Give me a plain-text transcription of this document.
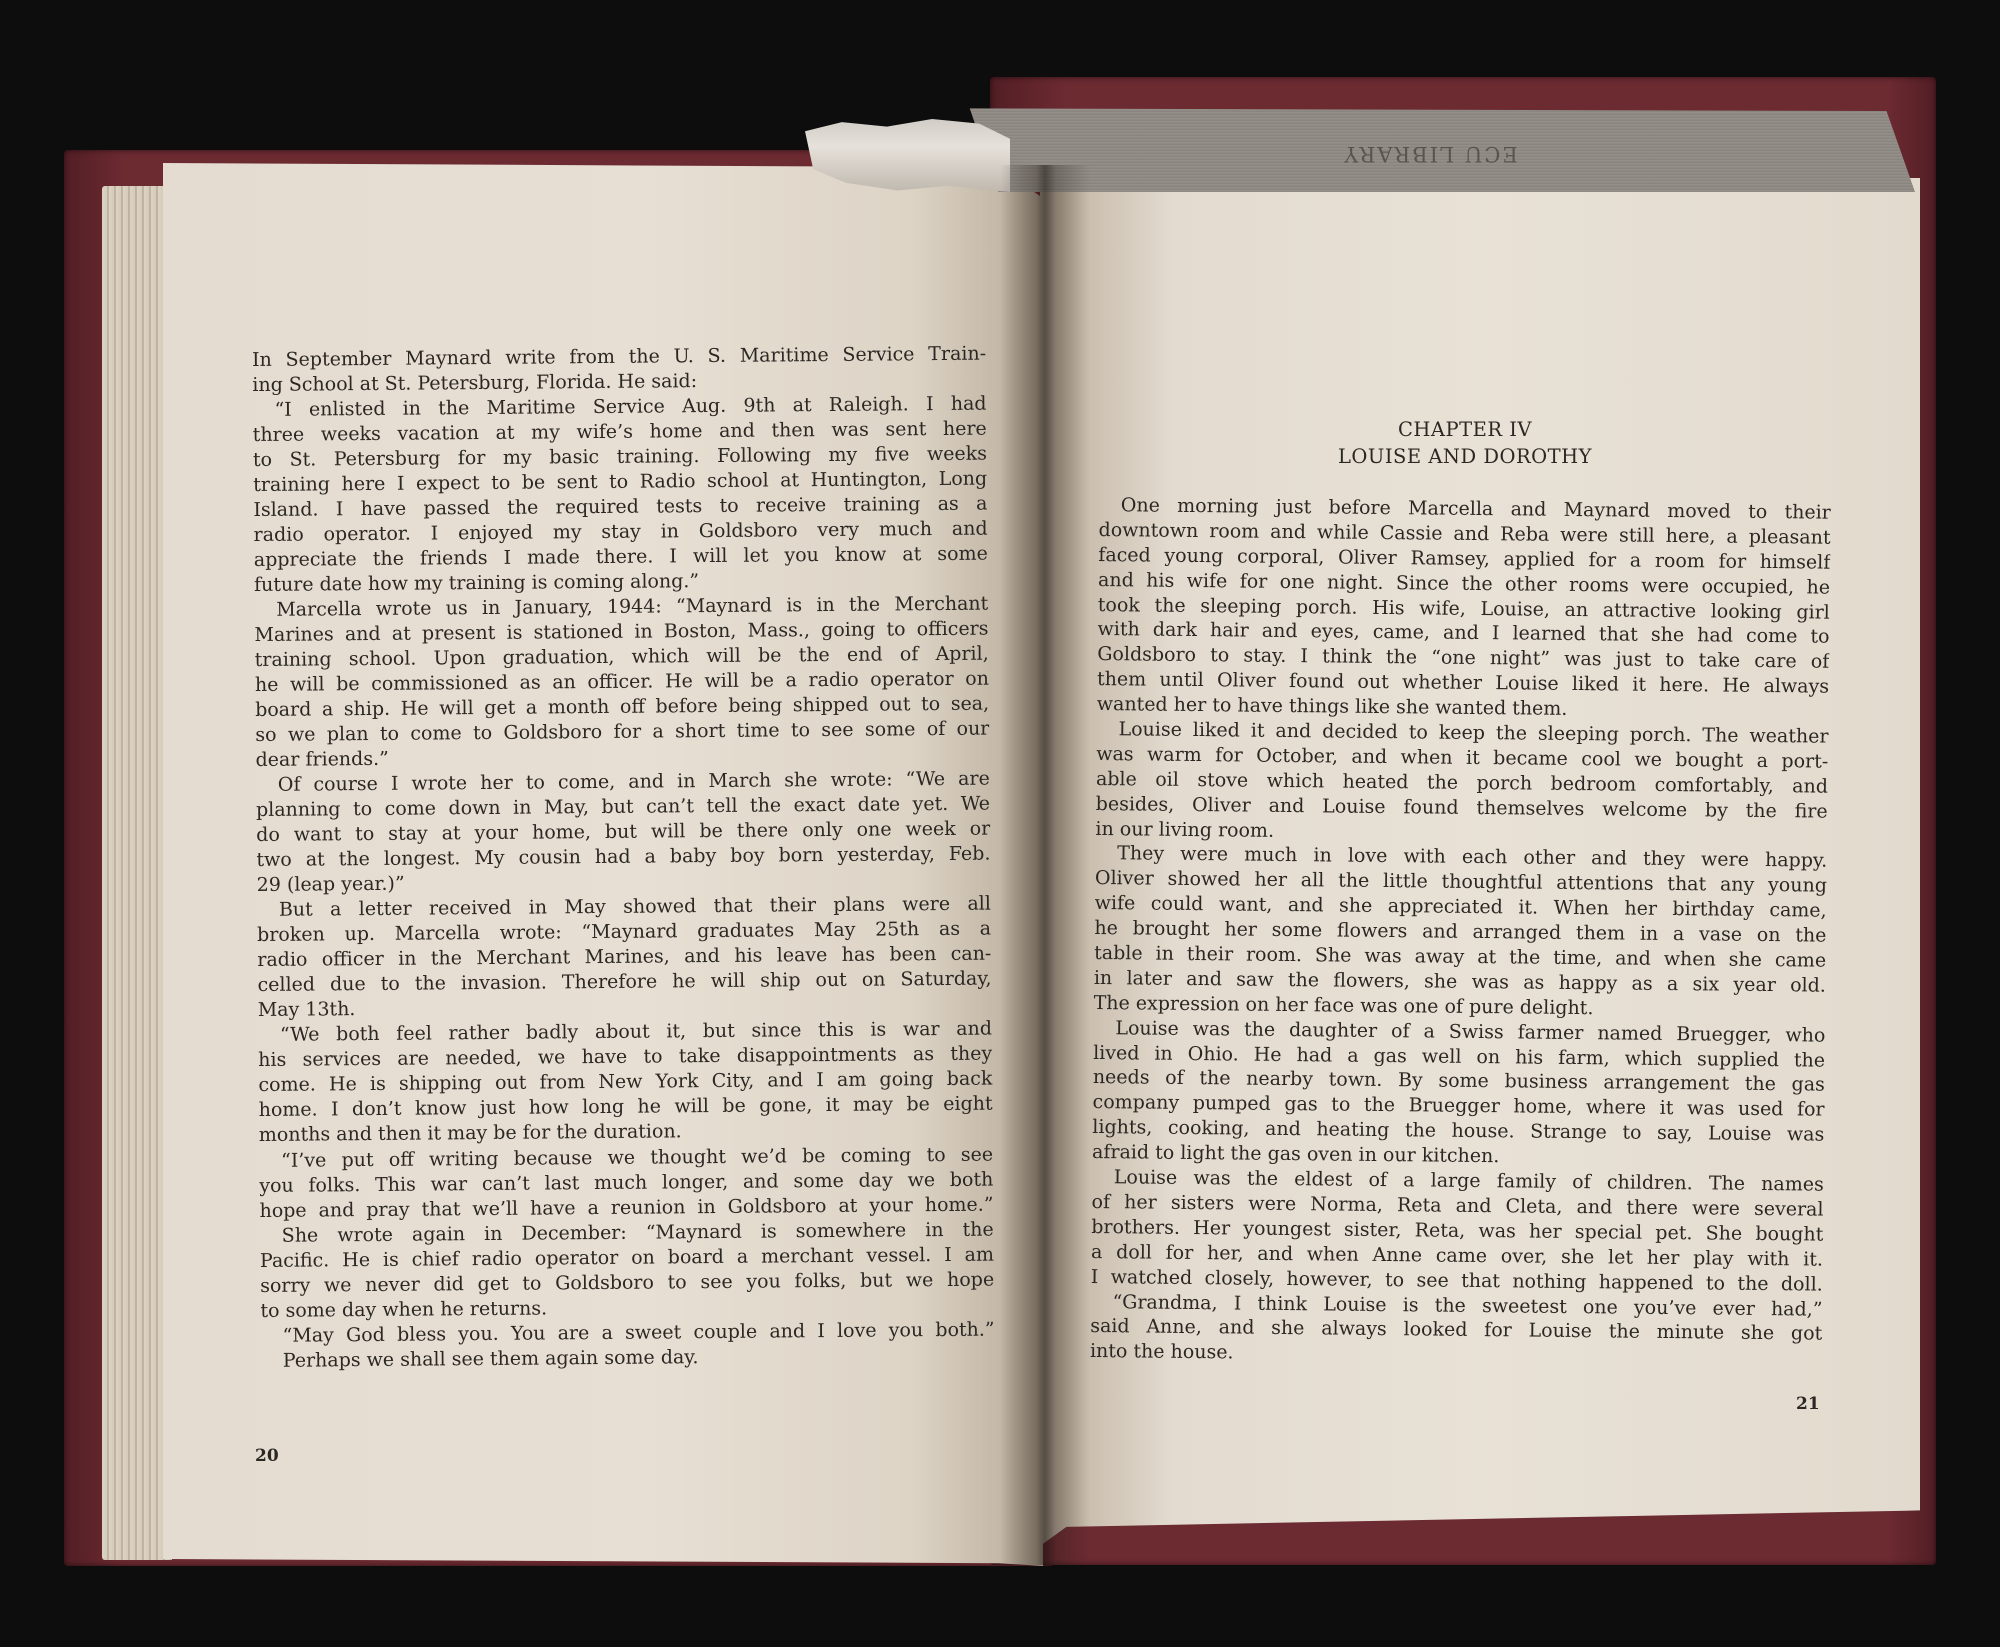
ECU LIBRARY
In September Maynard write from the U. S. Maritime Service Train-
ing School at St. Petersburg, Florida. He said:
“I enlisted in the Maritime Service Aug. 9th at Raleigh. I had
three weeks vacation at my wife’s home and then was sent here
to St. Petersburg for my basic training. Following my five weeks
training here I expect to be sent to Radio school at Huntington, Long
Island. I have passed the required tests to receive training as a
radio operator. I enjoyed my stay in Goldsboro very much and
appreciate the friends I made there. I will let you know at some
future date how my training is coming along.”
Marcella wrote us in January, 1944: “Maynard is in the Merchant
Marines and at present is stationed in Boston, Mass., going to officers
training school. Upon graduation, which will be the end of April,
he will be commissioned as an officer. He will be a radio operator on
board a ship. He will get a month off before being shipped out to sea,
so we plan to come to Goldsboro for a short time to see some of our
dear friends.”
Of course I wrote her to come, and in March she wrote: “We are
planning to come down in May, but can’t tell the exact date yet. We
do want to stay at your home, but will be there only one week or
two at the longest. My cousin had a baby boy born yesterday, Feb.
29 (leap year.)”
But a letter received in May showed that their plans were all
broken up. Marcella wrote: “Maynard graduates May 25th as a
radio officer in the Merchant Marines, and his leave has been can-
celled due to the invasion. Therefore he will ship out on Saturday,
May 13th.
“We both feel rather badly about it, but since this is war and
his services are needed, we have to take disappointments as they
come. He is shipping out from New York City, and I am going back
home. I don’t know just how long he will be gone, it may be eight
months and then it may be for the duration.
“I’ve put off writing because we thought we’d be coming to see
you folks. This war can’t last much longer, and some day we both
hope and pray that we’ll have a reunion in Goldsboro at your home.”
She wrote again in December: “Maynard is somewhere in the
Pacific. He is chief radio operator on board a merchant vessel. I am
sorry we never did get to Goldsboro to see you folks, but we hope
to some day when he returns.
“May God bless you. You are a sweet couple and I love you both.”
Perhaps we shall see them again some day.
20
CHAPTER IV
LOUISE AND DOROTHY
One morning just before Marcella and Maynard moved to their
downtown room and while Cassie and Reba were still here, a pleasant
faced young corporal, Oliver Ramsey, applied for a room for himself
and his wife for one night. Since the other rooms were occupied, he
took the sleeping porch. His wife, Louise, an attractive looking girl
with dark hair and eyes, came, and I learned that she had come to
Goldsboro to stay. I think the “one night” was just to take care of
them until Oliver found out whether Louise liked it here. He always
wanted her to have things like she wanted them.
Louise liked it and decided to keep the sleeping porch. The weather
was warm for October, and when it became cool we bought a port-
able oil stove which heated the porch bedroom comfortably, and
besides, Oliver and Louise found themselves welcome by the fire
in our living room.
They were much in love with each other and they were happy.
Oliver showed her all the little thoughtful attentions that any young
wife could want, and she appreciated it. When her birthday came,
he brought her some flowers and arranged them in a vase on the
table in their room. She was away at the time, and when she came
in later and saw the flowers, she was as happy as a six year old.
The expression on her face was one of pure delight.
Louise was the daughter of a Swiss farmer named Bruegger, who
lived in Ohio. He had a gas well on his farm, which supplied the
needs of the nearby town. By some business arrangement the gas
company pumped gas to the Bruegger home, where it was used for
lights, cooking, and heating the house. Strange to say, Louise was
afraid to light the gas oven in our kitchen.
Louise was the eldest of a large family of children. The names
of her sisters were Norma, Reta and Cleta, and there were several
brothers. Her youngest sister, Reta, was her special pet. She bought
a doll for her, and when Anne came over, she let her play with it.
I watched closely, however, to see that nothing happened to the doll.
“Grandma, I think Louise is the sweetest one you’ve ever had,”
said Anne, and she always looked for Louise the minute she got
into the house.
21
